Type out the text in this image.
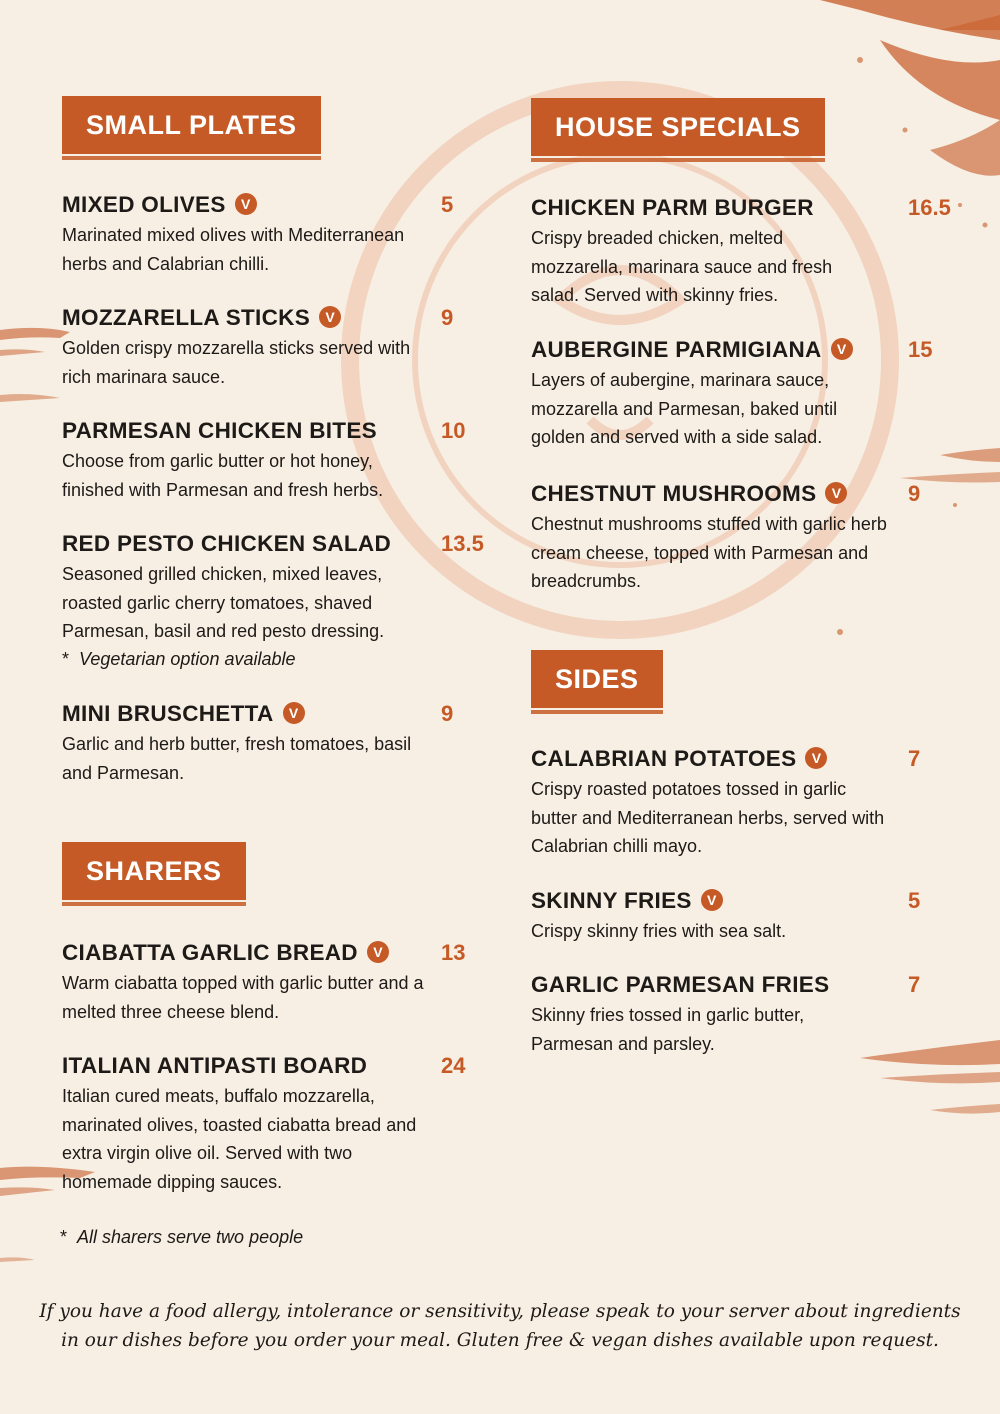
SMALL PLATES
MIXED OLIVES V	5
Marinated mixed olives with Mediterranean herbs and Calabrian chilli.
MOZZARELLA STICKS V	9
Golden crispy mozzarella sticks served with rich marinara sauce.
PARMESAN CHICKEN BITES	10
Choose from garlic butter or hot honey, finished with Parmesan and fresh herbs.
RED PESTO CHICKEN SALAD 13.5
Seasoned grilled chicken, mixed leaves, roasted garlic cherry tomatoes, shaved Parmesan, basil and red pesto dressing.
* Vegetarian option available
MINI BRUSCHETTA V	9
Garlic and herb butter, fresh tomatoes, basil and Parmesan.
SHARERS
CIABATTA GARLIC BREAD V	13
Warm ciabatta topped with garlic butter and a melted three cheese blend.
ITALIAN ANTIPASTI BOARD	24
Italian cured meats, buffalo mozzarella, marinated olives, toasted ciabatta bread and extra virgin olive oil. Served with two homemade dipping sauces.
* All sharers serve two people
HOUSE SPECIALS
CHICKEN PARM BURGER	16.5
Crispy breaded chicken, melted mozzarella, marinara sauce and fresh salad. Served with skinny fries.
AUBERGINE PARMIGIANA V	15
Layers of aubergine, marinara sauce, mozzarella and Parmesan, baked until golden and served with a side salad.
CHESTNUT MUSHROOMS V	9
Chestnut mushrooms stuffed with garlic herb cream cheese, topped with Parmesan and breadcrumbs.
SIDES
CALABRIAN POTATOES V	7
Crispy roasted potatoes tossed in garlic butter and Mediterranean herbs, served with Calabrian chilli mayo.
SKINNY FRIES V	5
Crispy skinny fries with sea salt.
GARLIC PARMESAN FRIES	7
Skinny fries tossed in garlic butter, Parmesan and parsley.
If you have a food allergy, intolerance or sensitivity, please speak to your server about ingredients
in our dishes before you order your meal. Gluten free & vegan dishes available upon request.
